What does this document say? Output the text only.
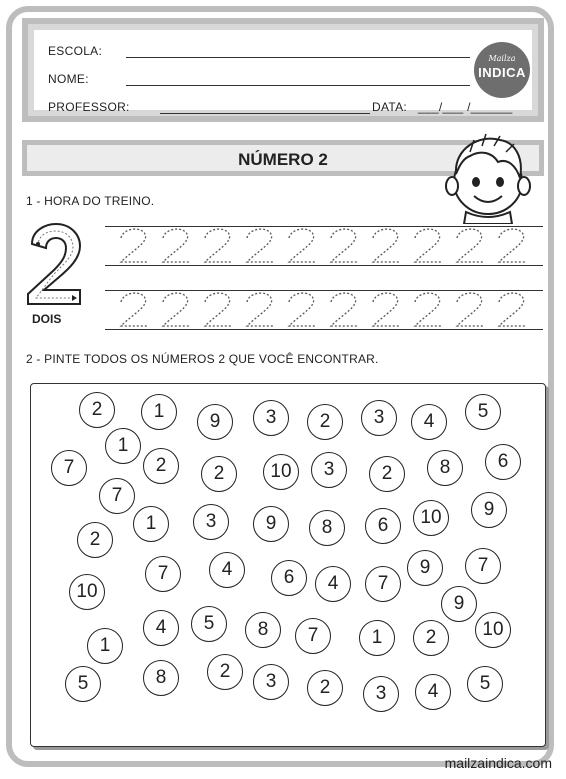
ESCOLA:
NOME:
PROFESSOR:	DATA: ___/___ /______
Mailza
INDICA
NÚMERO 2
1 - HORA DO TREINO.
DOIS
2 - PINTE TODOS OS NÚMEROS 2 QUE VOCÊ ENCONTRAR.
2	1	9	3	2	3	4	5
1
7	2	2	10	3	2	8	6
7
1	3	9	8	6	10	9
2
7	4	6	4	7
9	7
10
9
4	5	8	7	1	2	10
1
5	8	2	3	2	3	4	5
mailzaindica.com
